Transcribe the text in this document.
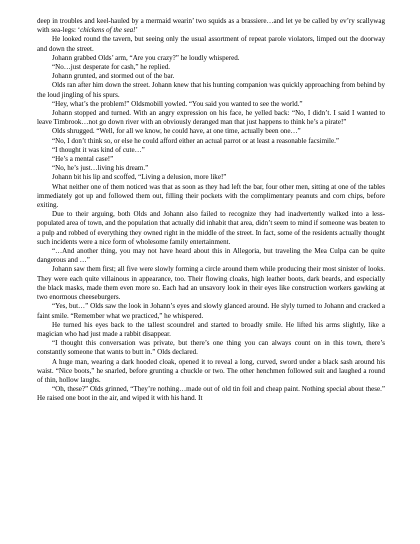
deep in troubles and keel-hauled by a mermaid wearin’ two squids as a brassiere…and let ye be called by ev’ry scallywag with sea-legs: ‘chickens of the sea!’

He looked round the tavern, but seeing only the usual assortment of repeat parole violators, limped out the doorway and down the street.

Johann grabbed Olds’ arm, “Are you crazy?” he loudly whispered.

“No…just desperate for cash,” he replied.

Johann grunted, and stormed out of the bar.

Olds ran after him down the street. Johann knew that his hunting companion was quickly approaching from behind by the loud jingling of his spurs.

“Hey, what’s the problem!” Oldsmobill yowled. “You said you wanted to see the world.”

Johann stopped and turned. With an angry expression on his face, he yelled back: “No, I didn’t. I said I wanted to leave Timbrook…not go down river with an obviously deranged man that just happens to think he’s a pirate!”

Olds shrugged. “Well, for all we know, he could have, at one time, actually been one…”

“No, I don’t think so, or else he could afford either an actual parrot or at least a reasonable facsimile.”

“I thought it was kind of cute…”

“He’s a mental case!”

“No, he’s just…living his dream.”

Johann bit his lip and scoffed, “Living a delusion, more like!”

What neither one of them noticed was that as soon as they had left the bar, four other men, sitting at one of the tables immediately got up and followed them out, filling their pockets with the complimentary peanuts and corn chips, before exiting.

Due to their arguing, both Olds and Johann also failed to recognize they had inadvertently walked into a less-populated area of town, and the population that actually did inhabit that area, didn’t seem to mind if someone was beaten to a pulp and robbed of everything they owned right in the middle of the street. In fact, some of the residents actually thought such incidents were a nice form of wholesome family entertainment.

“…And another thing, you may not have heard about this in Allegoria, but traveling the Mea Culpa can be quite dangerous and …”

Johann saw them first; all five were slowly forming a circle around them while producing their most sinister of looks. They were each quite villainous in appearance, too. Their flowing cloaks, high leather boots, dark beards, and especially the black masks, made them even more so. Each had an unsavory look in their eyes like construction workers gawking at two enormous cheeseburgers.

“Yes, but…” Olds saw the look in Johann’s eyes and slowly glanced around. He slyly turned to Johann and cracked a faint smile. “Remember what we practiced,” he whispered.

He turned his eyes back to the tallest scoundrel and started to broadly smile. He lifted his arms slightly, like a magician who had just made a rabbit disappear.

“I thought this conversation was private, but there’s one thing you can always count on in this town, there’s constantly someone that wants to butt in.” Olds declared.

A huge man, wearing a dark hooded cloak, opened it to reveal a long, curved, sword under a black sash around his waist. “Nice boots,” he snarled, before grunting a chuckle or two. The other henchmen followed suit and laughed a round of thin, hollow laughs.

“Oh, these?” Olds grinned, “They’re nothing…made out of old tin foil and cheap paint. Nothing special about these.” He raised one boot in the air, and wiped it with his hand. It
